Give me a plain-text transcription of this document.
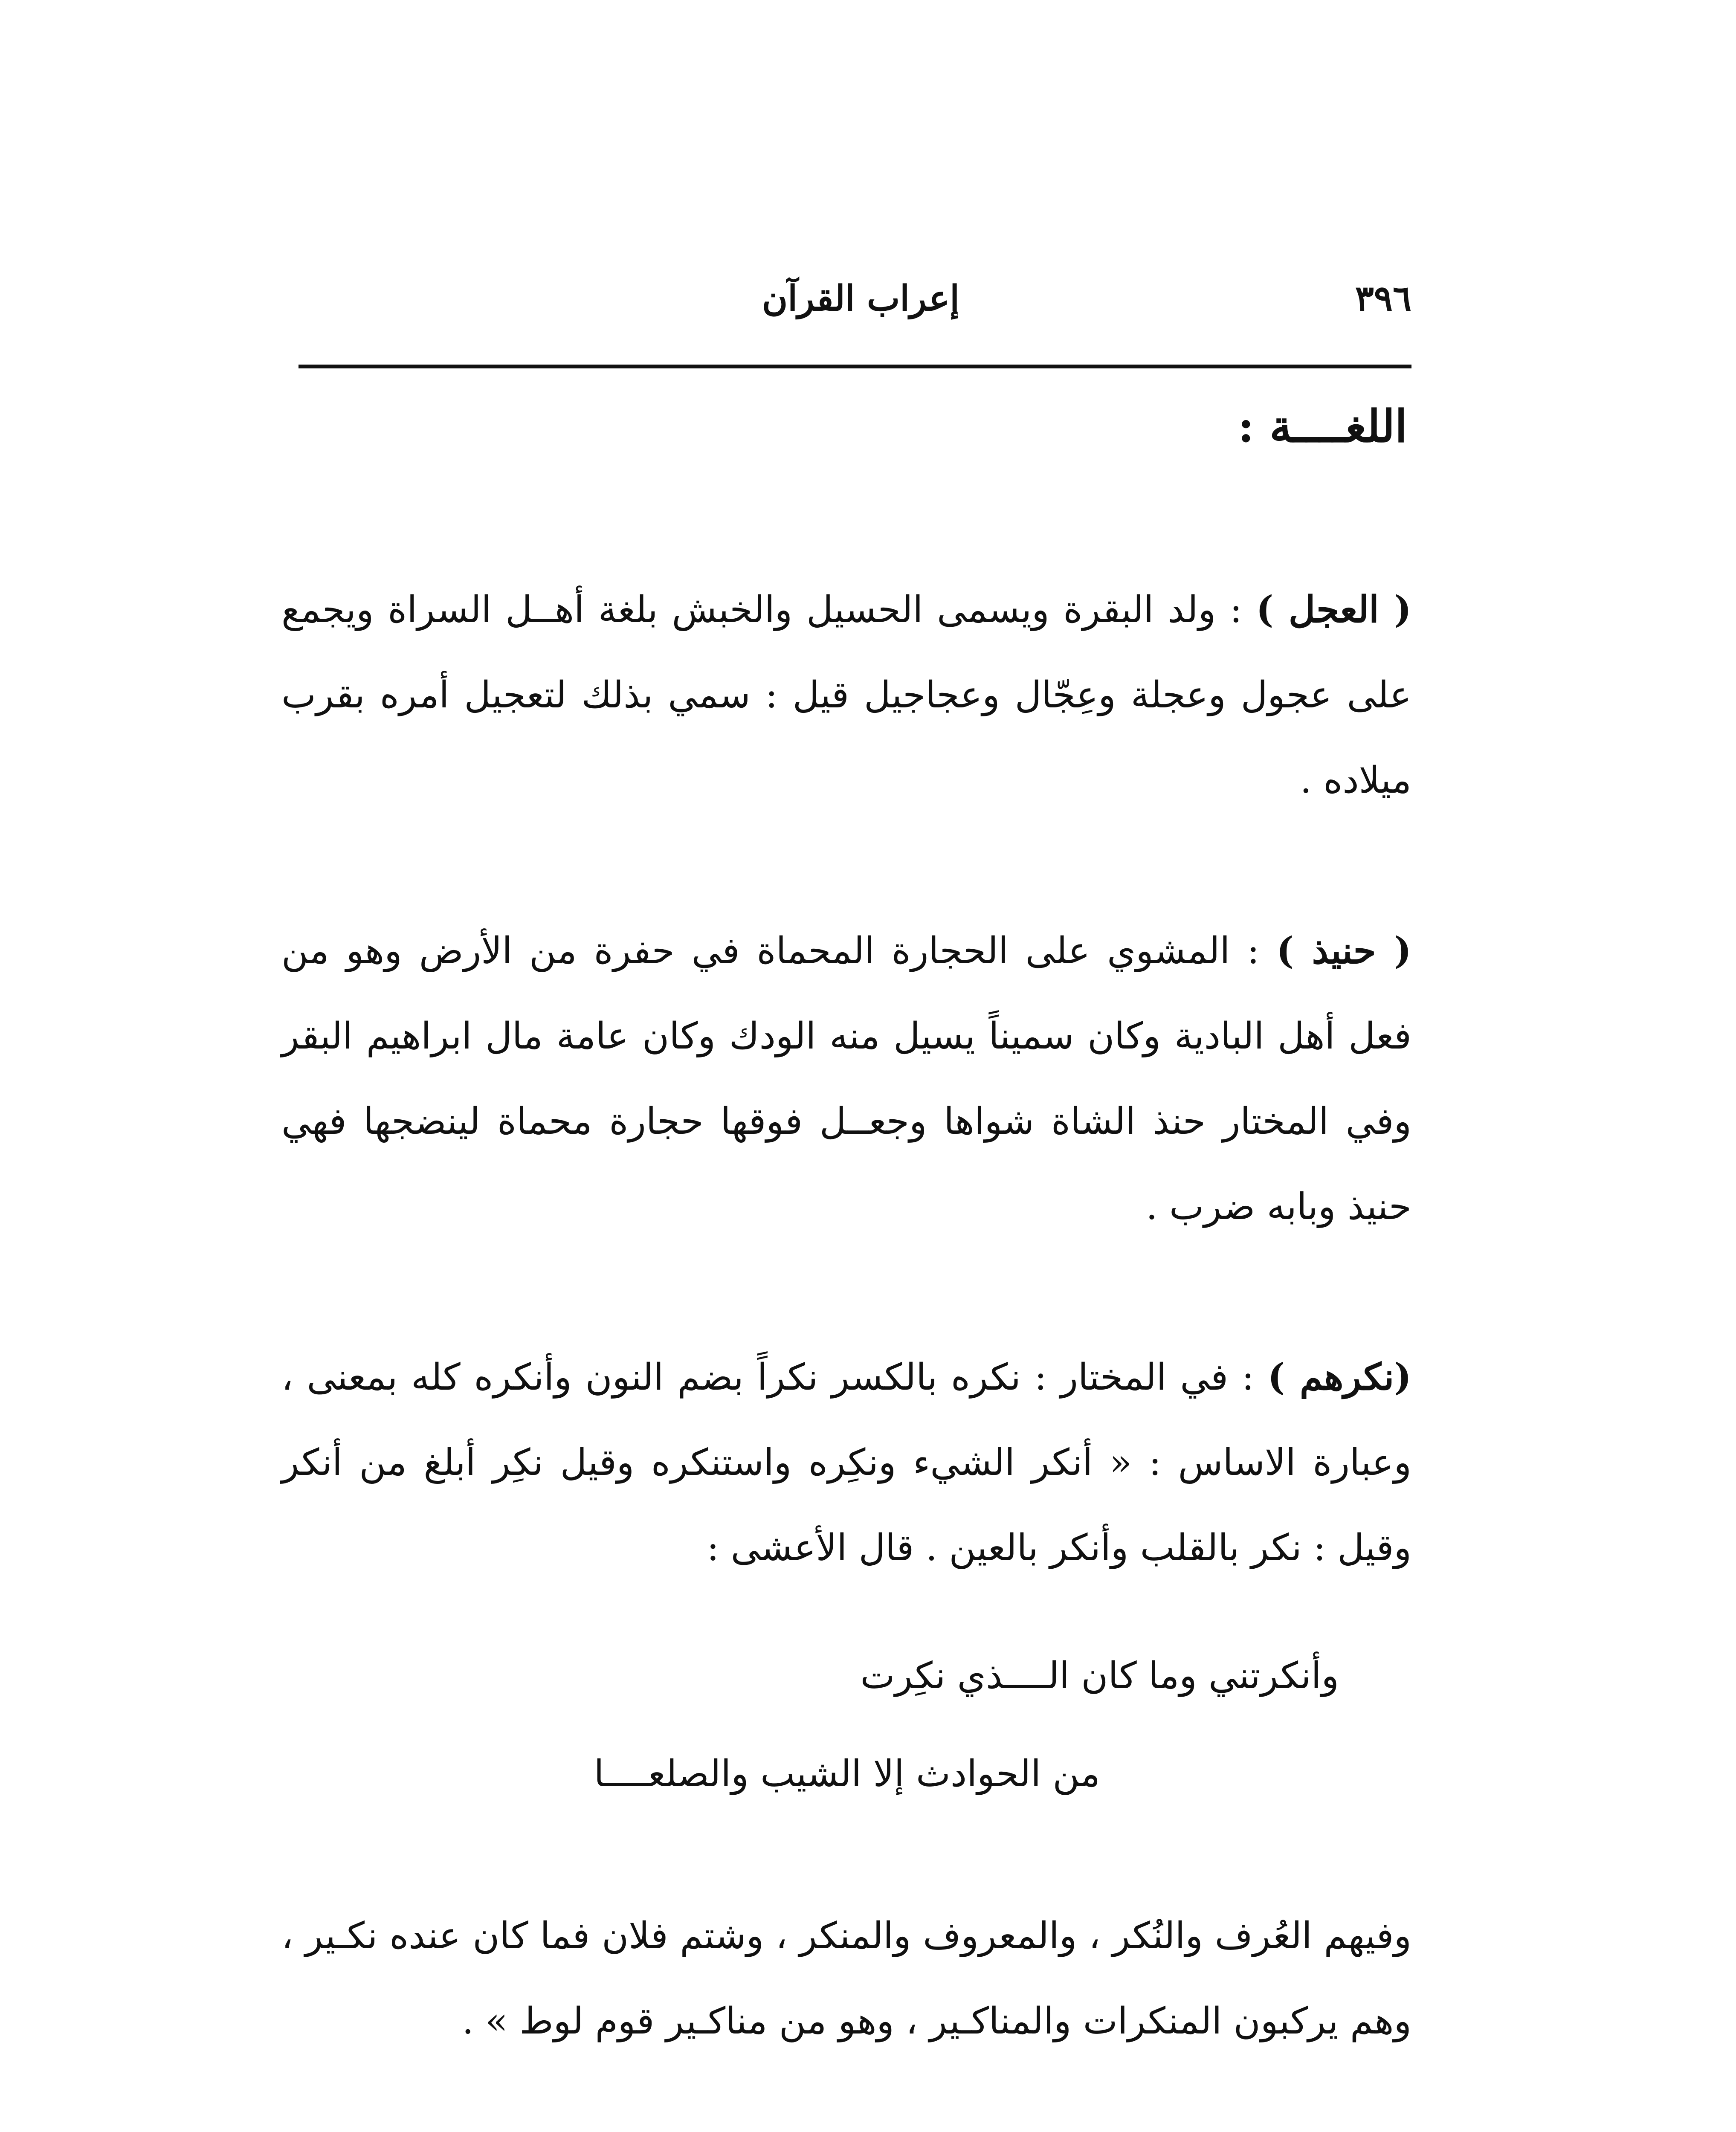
٣٩٦
إعراب القرآن
اللغــــة :

( العجل ) : ولد البقرة ويسمى الحسيل والخبش بلغة أهــل السراة ويجمع على عجول وعجلة وعِجّال وعجاجيل قيل : سمي بذلك لتعجيل أمره بقرب ميلاده .

( حنيذ ) : المشوي على الحجارة المحماة في حفرة من الأرض وهو من فعل أهل البادية وكان سميناً يسيل منه الودك وكان عامة مال ابراهيم البقر وفي المختار حنذ الشاة شواها وجعــل فوقها حجارة محماة لينضجها فهي حنيذ وبابه ضرب .

(نكرهم ) : في المختار : نكره بالكسر نكراً بضم النون وأنكره كله بمعنى ، وعبارة الاساس : « أنكر الشيء ونكِره واستنكره وقيل نكِر أبلغ من أنكر وقيل : نكر بالقلب وأنكر بالعين . قال الأعشى :

وأنكرتني وما كان الــــذي نكِرت
من الحوادث إلا الشيب والصلعــــا

وفيهم العُرف والنُكر ، والمعروف والمنكر ، وشتم فلان فما كان عنده نكـير ، وهم يركبون المنكرات والمناكـير ، وهو من مناكـير قوم لوط » .
